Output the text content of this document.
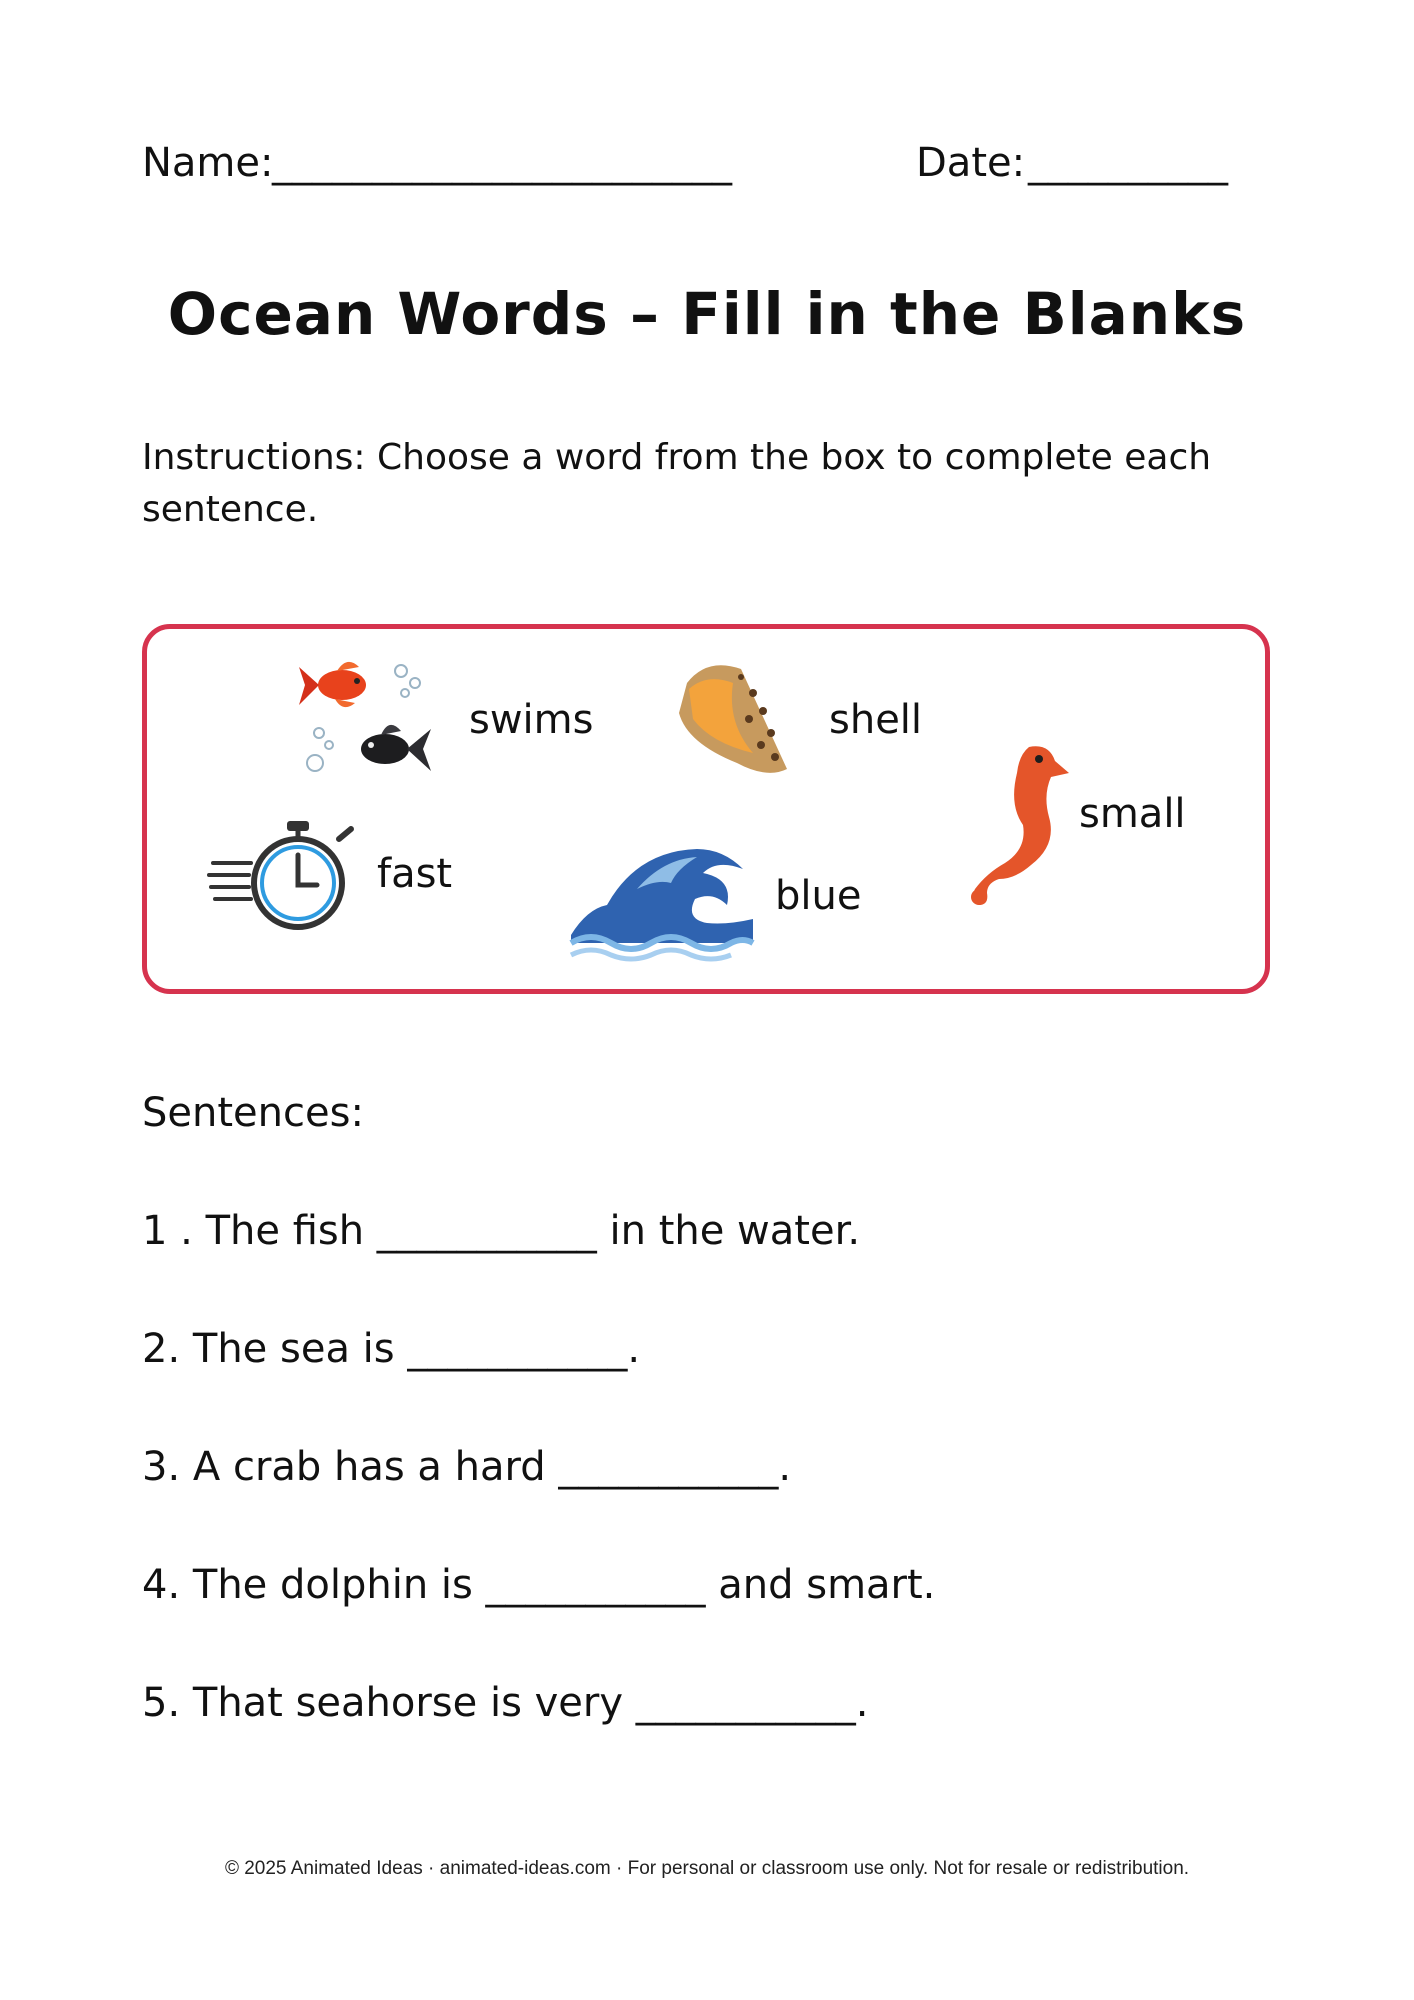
Name:
_______________________	Date: __________
Ocean Words – Fill in the Blanks
Instructions: Choose a word from the box to complete each sentence.
swims	shell
small
fast	blue
Sentences:
1 . The fish ___________ in the water.
2. The sea is ___________.
3. A crab has a hard ___________.
4. The dolphin is ___________ and smart.
5. That seahorse is very ___________.
© 2025 Animated Ideas · animated-ideas.com · For personal or classroom use only. Not for resale or redistribution.
